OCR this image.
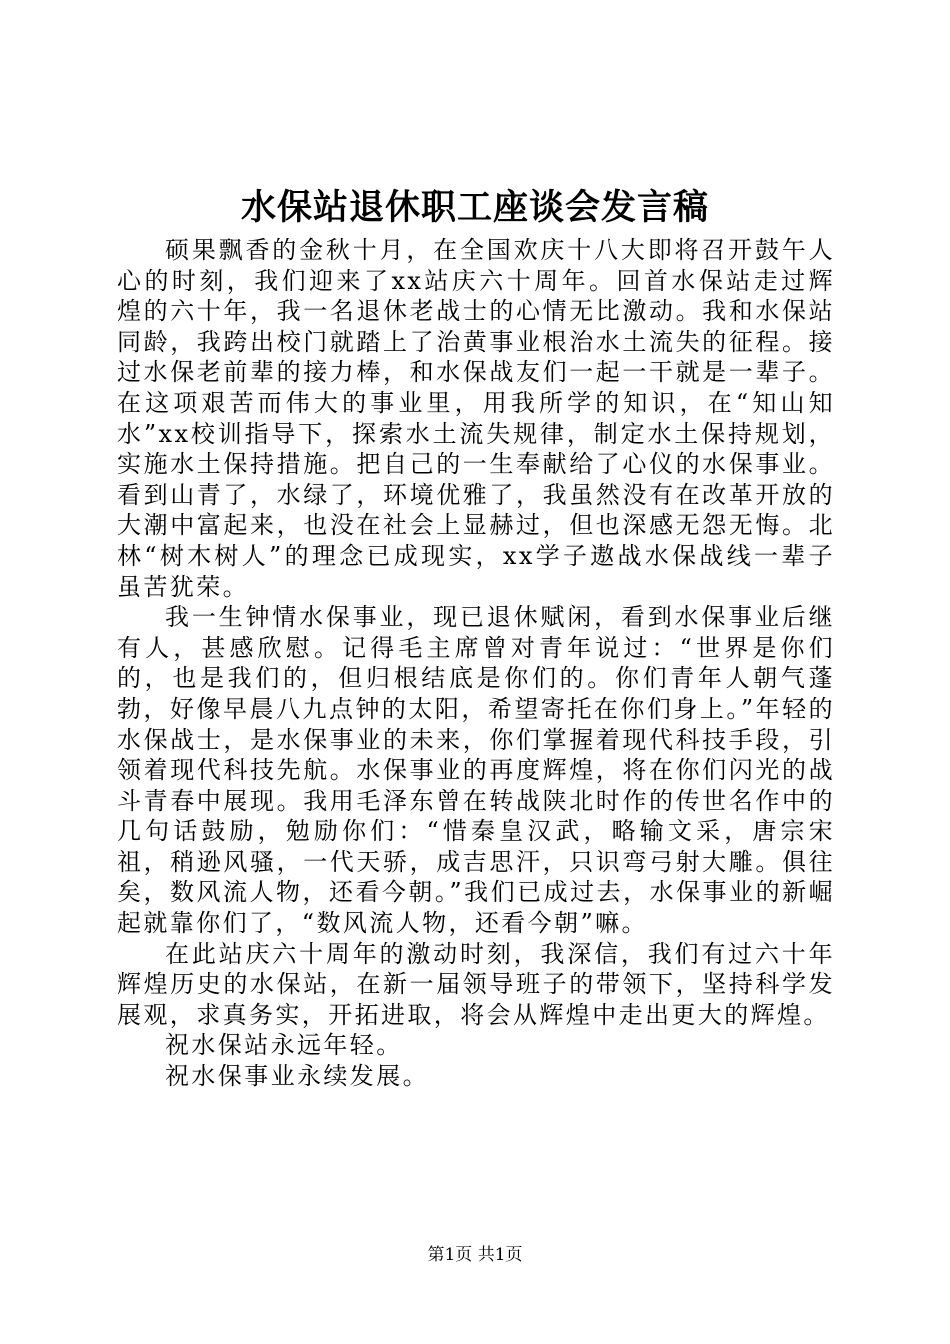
水保站退休职工座谈会发言稿

硕果飘香的金秋十月，在全国欢庆十八大即将召开鼓午人心的时刻，我们迎来了xx站庆六十周年。回首水保站走过辉煌的六十年，我一名退休老战士的心情无比激动。我和水保站同龄，我跨出校门就踏上了治黄事业根治水土流失的征程。接过水保老前辈的接力棒，和水保战友们一起一干就是一辈子。在这项艰苦而伟大的事业里，用我所学的知识，在“知山知水”xx校训指导下，探索水土流失规律，制定水土保持规划，实施水土保持措施。把自己的一生奉献给了心仪的水保事业。看到山青了，水绿了，环境优雅了，我虽然没有在改革开放的大潮中富起来，也没在社会上显赫过，但也深感无怨无悔。北林“树木树人”的理念已成现实，xx学子遨战水保战线一辈子虽苦犹荣。

我一生钟情水保事业，现已退休赋闲，看到水保事业后继有人，甚感欣慰。记得毛主席曾对青年说过：“世界是你们的，也是我们的，但归根结底是你们的。你们青年人朝气蓬勃，好像早晨八九点钟的太阳，希望寄托在你们身上。”年轻的水保战士，是水保事业的未来，你们掌握着现代科技手段，引领着现代科技先航。水保事业的再度辉煌，将在你们闪光的战斗青春中展现。我用毛泽东曾在转战陕北时作的传世名作中的几句话鼓励，勉励你们：“惜秦皇汉武，略输文采，唐宗宋祖，稍逊风骚，一代天骄，成吉思汗，只识弯弓射大雕。俱往矣，数风流人物，还看今朝。”我们已成过去，水保事业的新崛起就靠你们了，“数风流人物，还看今朝”嘛。

在此站庆六十周年的激动时刻，我深信，我们有过六十年辉煌历史的水保站，在新一届领导班子的带领下，坚持科学发展观，求真务实，开拓进取，将会从辉煌中走出更大的辉煌。

祝水保站永远年轻。

祝水保事业永续发展。

第1页 共1页
